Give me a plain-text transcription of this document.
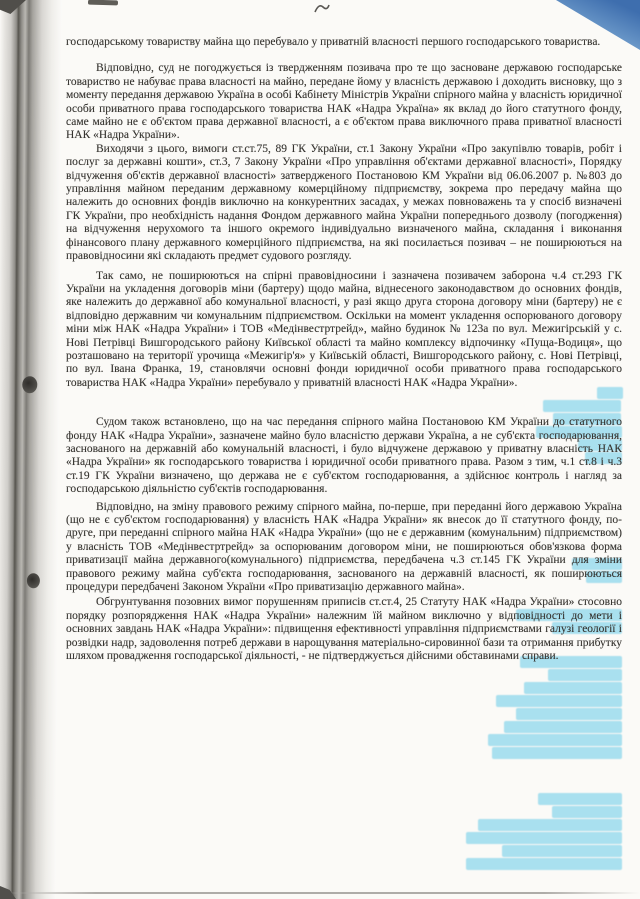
господарському товариству майна що перебувало у приватній власності першого господарського товариства.

Відповідно, суд не погоджується із твердженням позивача про те що засноване державою господарське товариство не набуває права власності на майно, передане йому у власність державою і доходить висновку, що з моменту передання державою Україна в особі Кабінету Міністрів України спірного майна у власність юридичної особи приватного права господарського товариства НАК «Надра Україна» як вклад до його статутного фонду, саме майно не є об'єктом права державної власності, а є об'єктом права виключного права приватної власності НАК «Надра України».

Виходячи з цього, вимоги ст.ст.75, 89 ГК України, ст.1 Закону України «Про закупівлю товарів, робіт і послуг за державні кошти», ст.3, 7 Закону України «Про управління об'єктами державної власності», Порядку відчуження об'єктів державної власності» затвердженого Постановою КМ України від 06.06.2007 р. №803 до управління майном переданим державному комерційному підприємству, зокрема про передачу майна що належить до основних фондів виключно на конкурентних засадах, у межах повноважень та у спосіб визначені ГК України, про необхідність надання Фондом державного майна України попереднього дозволу (погодження) на відчуження нерухомого та іншого окремого індивідуально визначеного майна, складання і виконання фінансового плану державного комерційного підприємства, на які посилається позивач – не поширюються на правовідносини які складають предмет судового розгляду.

Так само, не поширюються на спірні правовідносини і зазначена позивачем заборона ч.4 ст.293 ГК України на укладення договорів міни (бартеру) щодо майна, віднесеного законодавством до основних фондів, яке належить до державної або комунальної власності, у разі якщо друга сторона договору міни (бартеру) не є відповідно державним чи комунальним підприємством. Оскільки на момент укладення оспорюваного договору міни між НАК «Надра України» і ТОВ «Медінвестртрейд», майно будинок № 123а по вул. Межигірській у с. Нові Петрівці Вишгородського району Київської області та майно комплексу відпочинку «Пуща-Водиця», що розташовано на території урочища «Межигір'я» у Київській області, Вишгородського району, с. Нові Петрівці, по вул. Івана Франка, 19, становлячи основні фонди юридичної особи приватного права господарського товариства НАК «Надра України» перебувало у приватній власності НАК «Надра України».

Судом також встановлено, що на час передання спірного майна Постановою КМ України до статутного фонду НАК «Надра України», зазначене майно було власністю держави Україна, а не суб'єкта господарювання, заснованого на державній або комунальній власності, і було відчужене державою у приватну власність НАК «Надра України» як господарського товариства і юридичної особи приватного права. Разом з тим, ч.1 ст.8 і ч.3 ст.19 ГК України визначено, що держава не є суб'єктом господарювання, а здійснює контроль і нагляд за господарською діяльністю суб'єктів господарювання.

Відповідно, на зміну правового режиму спірного майна, по-перше, при переданні його державою Україна (що не є суб'єктом господарювання) у власність НАК «Надра України» як внесок до її статутного фонду, по-друге, при переданні спірного майна НАК «Надра України» (що не є державним (комунальним) підприємством) у власність ТОВ «Медінвестртрейд» за оспорюваним договором міни, не поширюються обов'язкова форма приватизації майна державного(комунального) підприємства, передбачена ч.3 ст.145 ГК України для зміни правового режиму майна суб'єкта господарювання, заснованого на державній власності, як поширюються процедури передбачені Законом України «Про приватизацію державного майна».

Обгрунтування позовних вимог порушенням приписів ст.ст.4, 25 Статуту НАК «Надра України» стосовно порядку розпорядження НАК «Надра України» належним їй майном виключно у відповідності до мети і основних завдань НАК «Надра України»: підвищення ефективності управління підприємствами галузі геології і розвідки надр, задоволення потреб держави в нарощування матеріально-сировинної бази та отримання прибутку шляхом провадження господарської діяльності, - не підтверджується дійсними обставинами справи.
